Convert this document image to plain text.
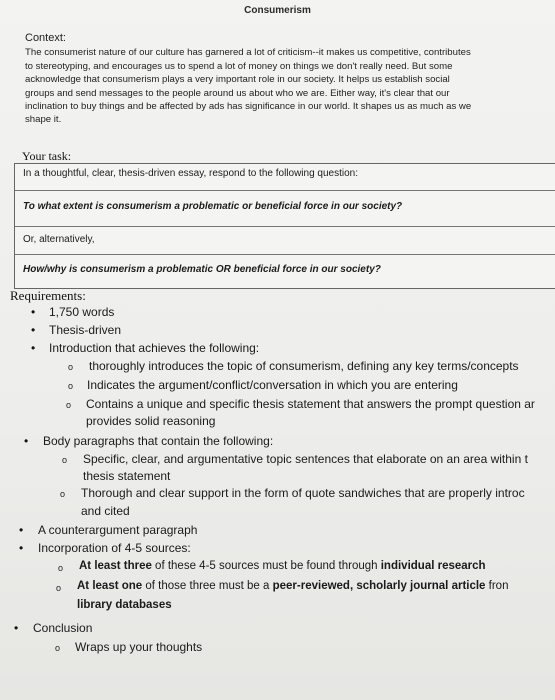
Consumerism
Context:
The consumerist nature of our culture has garnered a lot of criticism--it makes us competitive, contributes
to stereotyping, and encourages us to spend a lot of money on things we don't really need. But some
acknowledge that consumerism plays a very important role in our society. It helps us establish social
groups and send messages to the people around us about who we are. Either way, it's clear that our
inclination to buy things and be affected by ads has significance in our world. It shapes us as much as we
shape it.
Your task:
In a thoughtful, clear, thesis-driven essay, respond to the following question:
To what extent is consumerism a problematic or beneficial force in our society?
Or, alternatively,
How/why is consumerism a problematic OR beneficial force in our society?
Requirements:
• 1,750 words
• Thesis-driven
• Introduction that achieves the following:
o thoroughly introduces the topic of consumerism, defining any key terms/concepts
o Indicates the argument/conflict/conversation in which you are entering
o Contains a unique and specific thesis statement that answers the prompt question ar
provides solid reasoning
• Body paragraphs that contain the following:
o Specific, clear, and argumentative topic sentences that elaborate on an area within t
thesis statement
o Thorough and clear support in the form of quote sandwiches that are properly introc
and cited
• A counterargument paragraph
• Incorporation of 4-5 sources:
o At least three of these 4-5 sources must be found through individual research
o At least one of those three must be a peer-reviewed, scholarly journal article fron
library databases
• Conclusion
o Wraps up your thoughts
